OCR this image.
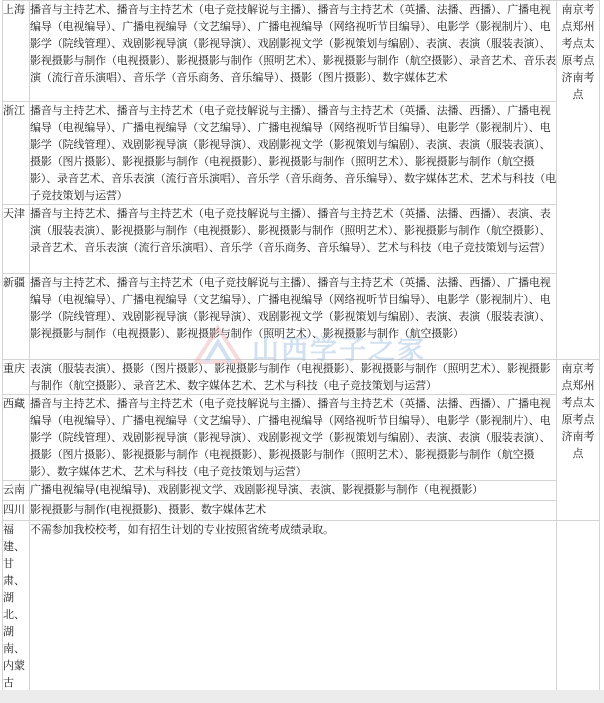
上海	播音与主持艺术、播音与主持艺术（电子竞技解说与主播）、播音与主持艺术（英播、法播、西播）、广播电视编导（电视编导）、广播电视编导（文艺编导）、广播电视编导（网络视听节目编导）、电影学（影视制片）、电影学（院线管理）、戏剧影视导演（影视导演）、戏剧影视文学（影视策划与编剧）、表演、表演（服装表演）、影视摄影与制作（电视摄影）、影视摄影与制作（照明艺术）、影视摄影与制作（航空摄影）、录音艺术、音乐表演（流行音乐演唱）、音乐学（音乐商务、音乐编导）、摄影（图片摄影）、数字媒体艺术	南京考点郑州考点太原考点济南考点
浙江	播音与主持艺术、播音与主持艺术（电子竞技解说与主播）、播音与主持艺术（英播、法播、西播）、广播电视编导（电视编导）、广播电视编导（文艺编导）、广播电视编导（网络视听节目编导）、电影学（影视制片）、电影学（院线管理）、戏剧影视导演（影视导演）、戏剧影视文学（影视策划与编剧）、表演、表演（服装表演）、摄影（图片摄影）、影视摄影与制作（电视摄影）、影视摄影与制作（照明艺术）、影视摄影与制作（航空摄影）、录音艺术、音乐表演（流行音乐演唱）、音乐学（音乐商务、音乐编导）、数字媒体艺术、艺术与科技（电子竞技策划与运营）	
天津	播音与主持艺术、播音与主持艺术（电子竞技解说与主播）、播音与主持艺术（英播、法播、西播）、表演、表演（服装表演）、影视摄影与制作（电视摄影）、影视摄影与制作（照明艺术）、影视摄影与制作（航空摄影）、录音艺术、音乐表演（流行音乐演唱）、音乐学（音乐商务、音乐编导）、艺术与科技（电子竞技策划与运营）	
新疆	播音与主持艺术、播音与主持艺术（电子竞技解说与主播）、播音与主持艺术（英播、法播、西播）、广播电视编导（电视编导）、广播电视编导（文艺编导）、广播电视编导（网络视听节目编导）、电影学（影视制片）、电影学（院线管理）、戏剧影视导演（影视导演）、戏剧影视文学（影视策划与编剧）、表演、表演（服装表演）、影视摄影与制作（电视摄影）、影视摄影与制作（照明艺术）、影视摄影与制作（航空摄影）	
重庆	表演（服装表演）、摄影（图片摄影）、影视摄影与制作（电视摄影）、影视摄影与制作（照明艺术）、影视摄影与制作（航空摄影）、录音艺术、数字媒体艺术、艺术与科技（电子竞技策划与运营）	南京考点郑州考点太原考点济南考点
西藏	播音与主持艺术、播音与主持艺术（电子竞技解说与主播）、播音与主持艺术（英播、法播、西播）、广播电视编导（电视编导）、广播电视编导（文艺编导）、广播电视编导（网络视听节目编导）、电影学（影视制片）、电影学（院线管理）、戏剧影视导演（影视导演）、戏剧影视文学（影视策划与编剧）、表演、表演（服装表演）、摄影（图片摄影）、影视摄影与制作（电视摄影）、影视摄影与制作（照明艺术）、影视摄影与制作（航空摄影）、数字媒体艺术、艺术与科技（电子竞技策划与运营）	
云南	广播电视编导(电视编导)、戏剧影视文学、戏剧影视导演、表演、影视摄影与制作（电视摄影）	
四川	影视摄影与制作(电视摄影)、摄影、数字媒体艺术	
福建、甘肃、湖北、湖南、内蒙古	不需参加我校校考，如有招生计划的专业按照省统考成绩录取。	
山西学子之家
